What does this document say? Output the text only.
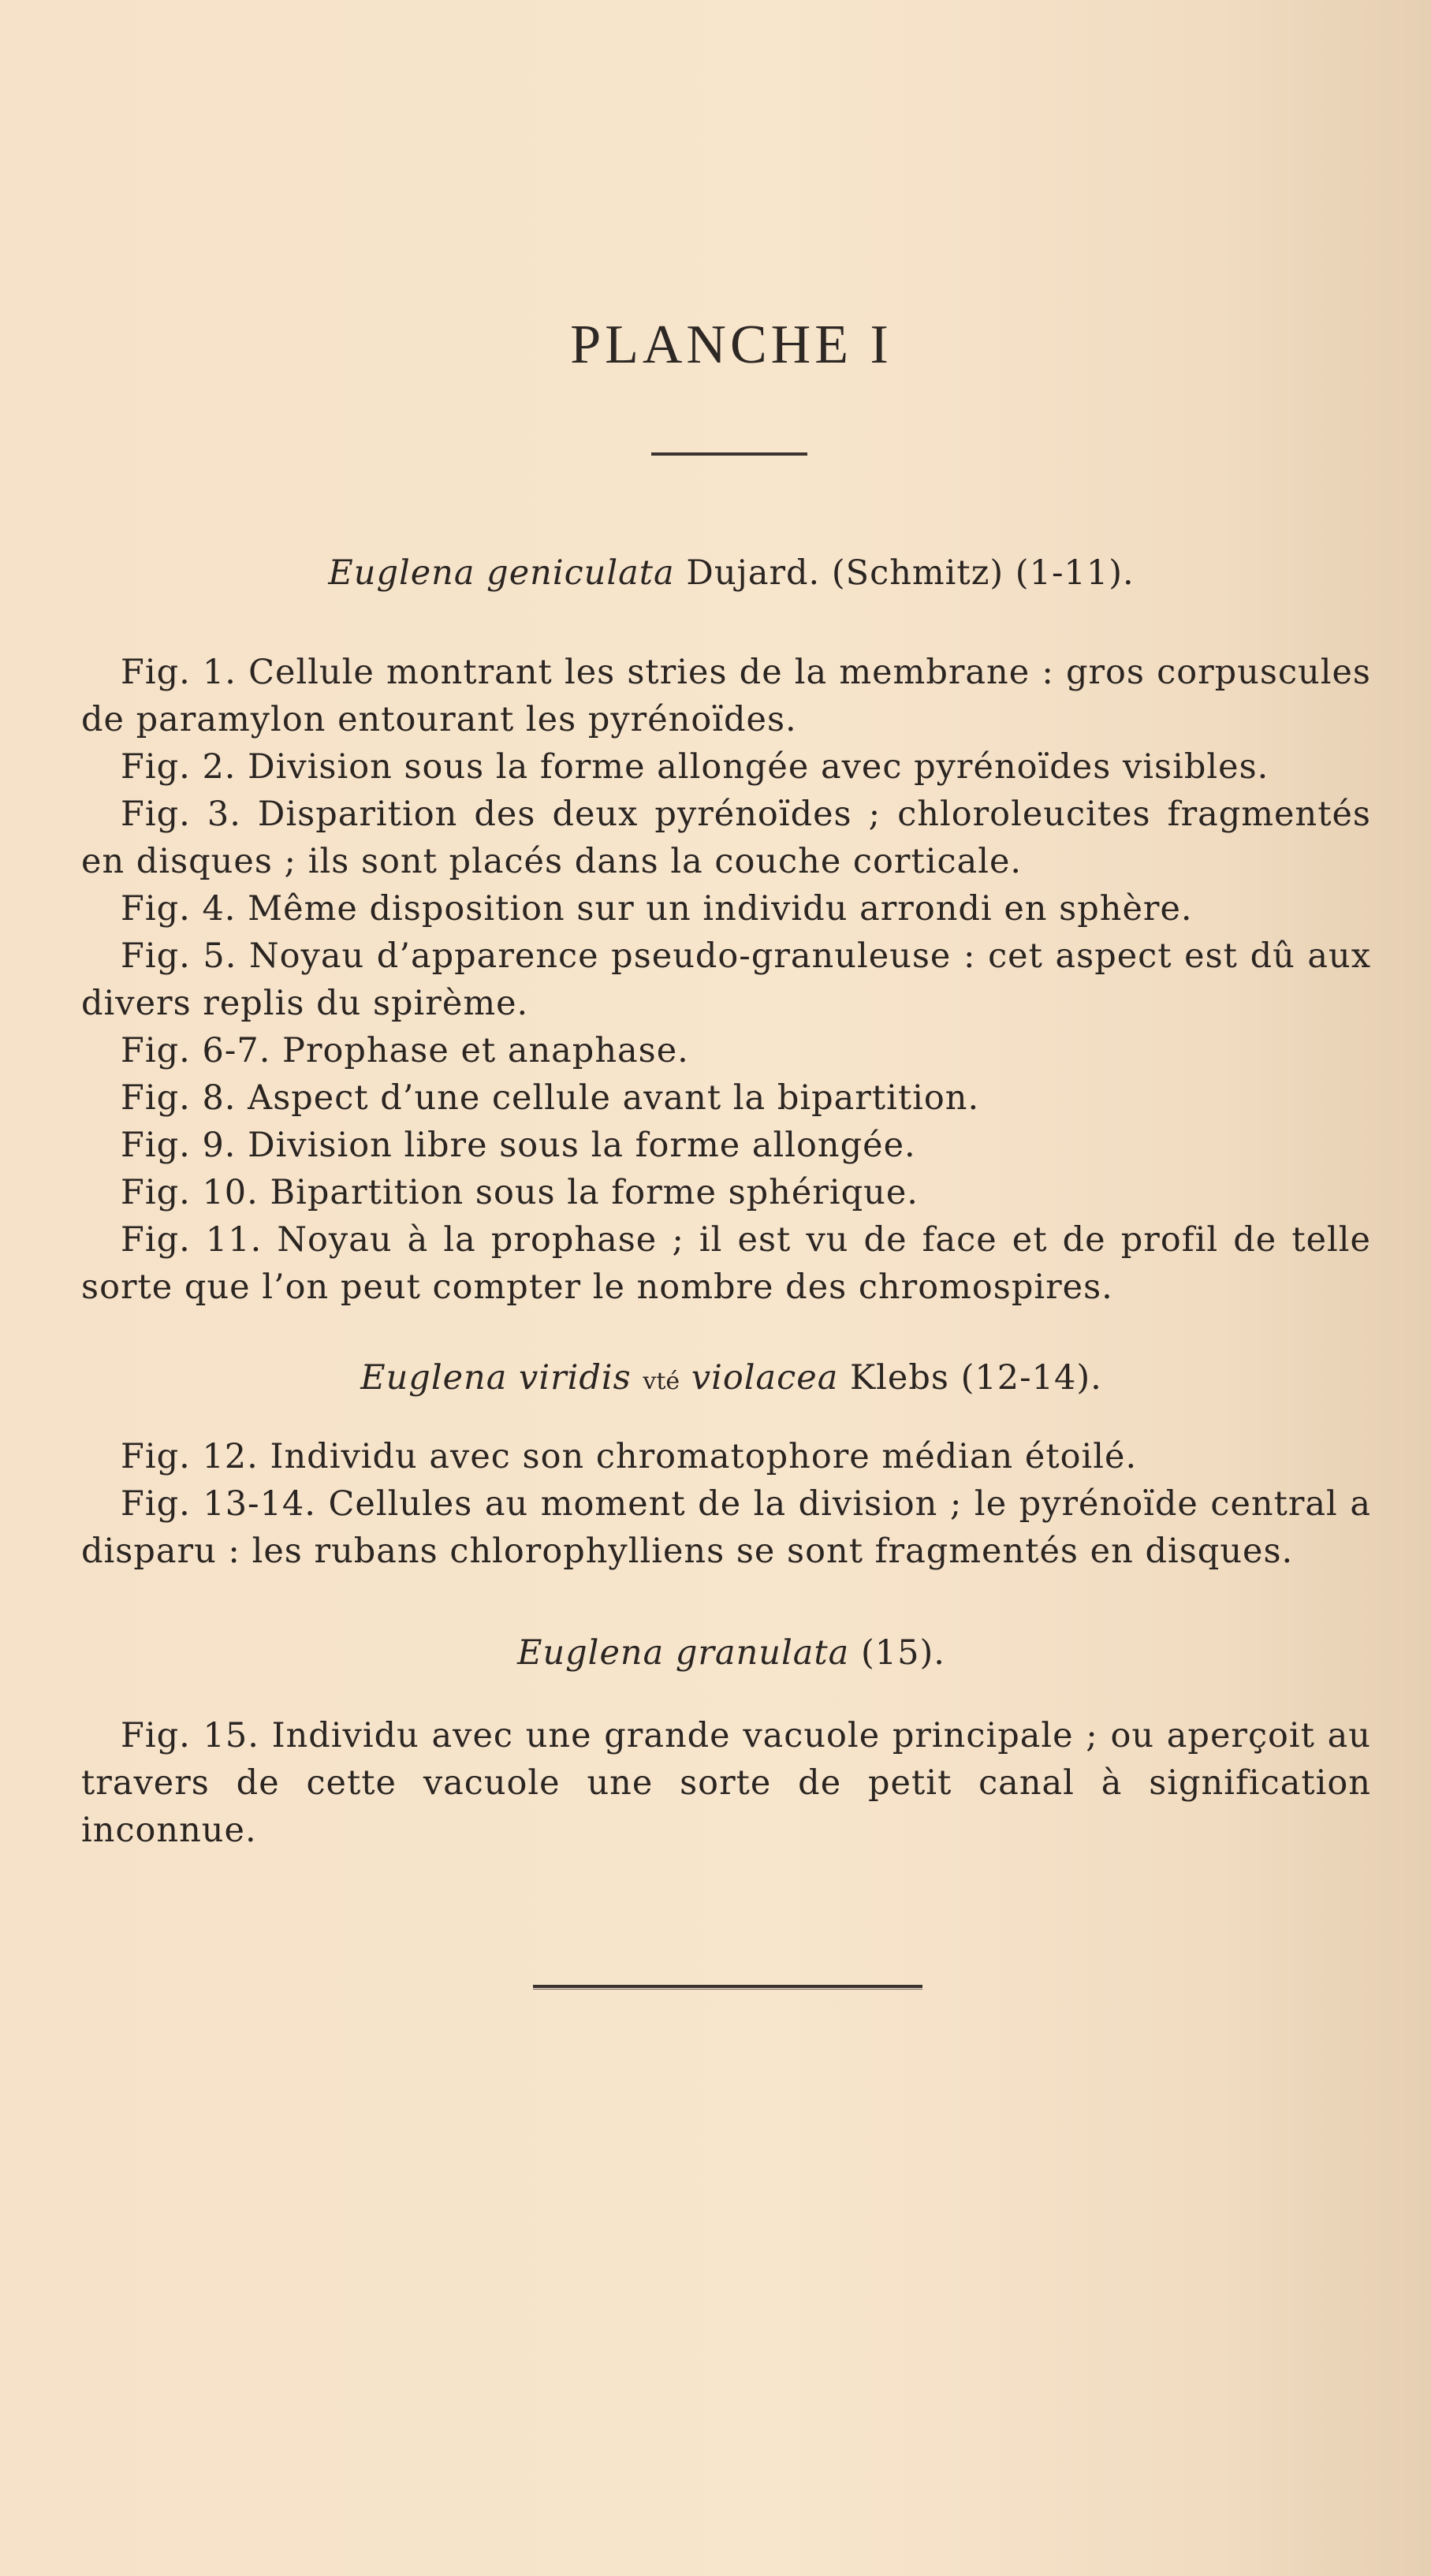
PLANCHE I
Euglena geniculata Dujard. (Schmitz) (1-11).
Fig. 1. Cellule montrant les stries de la membrane : gros corpuscules
de paramylon entourant les pyrénoïdes.
Fig. 2. Division sous la forme allongée avec pyrénoïdes visibles.
Fig. 3. Disparition des deux pyrénoïdes ; chloroleucites fragmentés
en disques ; ils sont placés dans la couche corticale.
Fig. 4. Même disposition sur un individu arrondi en sphère.
Fig. 5. Noyau d’apparence pseudo-granuleuse : cet aspect est dû aux
divers replis du spirème.
Fig. 6-7. Prophase et anaphase.
Fig. 8. Aspect d’une cellule avant la bipartition.
Fig. 9. Division libre sous la forme allongée.
Fig. 10. Bipartition sous la forme sphérique.
Fig. 11. Noyau à la prophase ; il est vu de face et de profil de telle
sorte que l’on peut compter le nombre des chromospires.
Euglena viridis vté violacea Klebs (12-14).
Fig. 12. Individu avec son chromatophore médian étoilé.
Fig. 13-14. Cellules au moment de la division ; le pyrénoïde central a
disparu : les rubans chlorophylliens se sont fragmentés en disques.
Euglena granulata (15).
Fig. 15. Individu avec une grande vacuole principale ; ou aperçoit au
travers de cette vacuole une sorte de petit canal à signification
inconnue.
